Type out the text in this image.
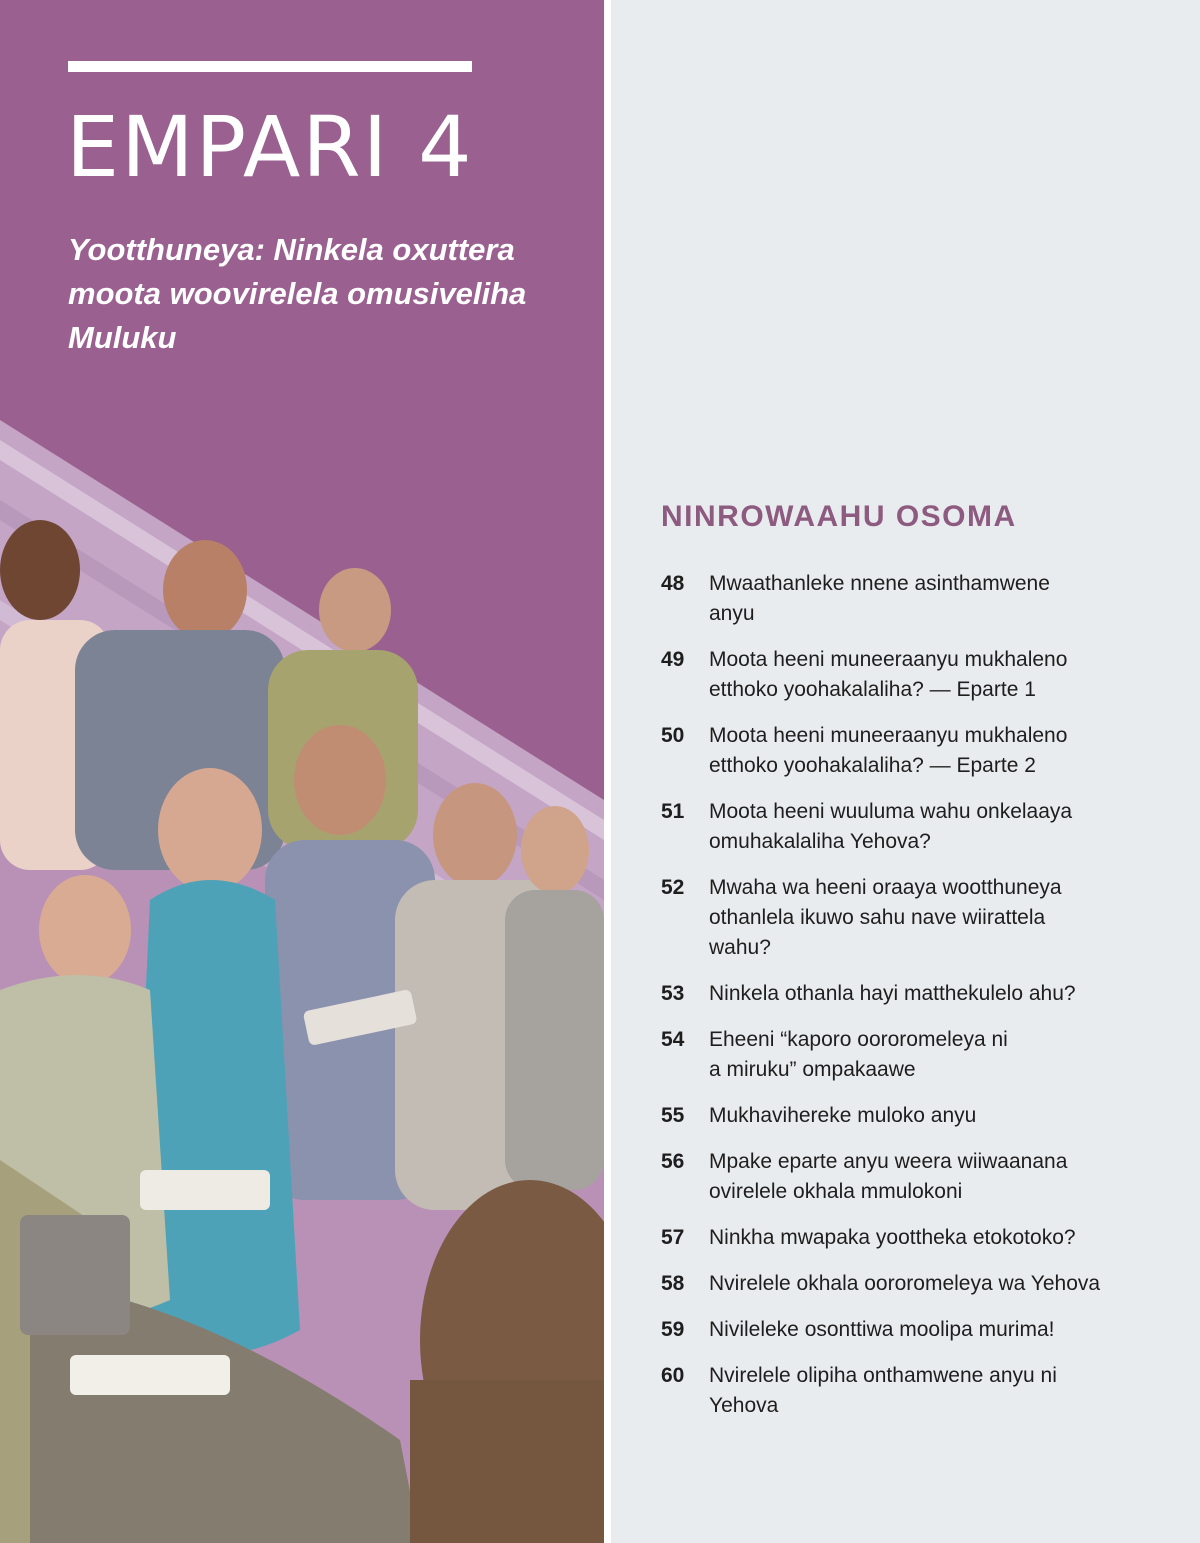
EMPARI 4

Yootthuneya: Ninkela oxuttera moota woovirelela omusiveliha Muluku

NINROWAAHU OSOMA
48	Mwaathanleke nnene asinthamwene
anyu
49	Moota heeni muneeraanyu mukhaleno
etthoko yoohakalaliha? — Eparte 1
50	Moota heeni muneeraanyu mukhaleno
etthoko yoohakalaliha? — Eparte 2
51	Moota heeni wuuluma wahu onkelaaya
omuhakalaliha Yehova?
52	Mwaha wa heeni oraaya wootthuneya
othanlela ikuwo sahu nave wiirattela
wahu?
53	Ninkela othanla hayi matthekulelo ahu?
54	Eheeni “kaporo oororomeleya ni
a miruku” ompakaawe
55	Mukhavihereke muloko anyu
56	Mpake eparte anyu weera wiiwaanana
ovirelele okhala mmulokoni
57	Ninkha mwapaka yoottheka etokotoko?
58	Nvirelele okhala oororomeleya wa Yehova
59	Nivileleke osonttiwa moolipa murima!
60	Nvirelele olipiha onthamwene anyu ni
Yehova
